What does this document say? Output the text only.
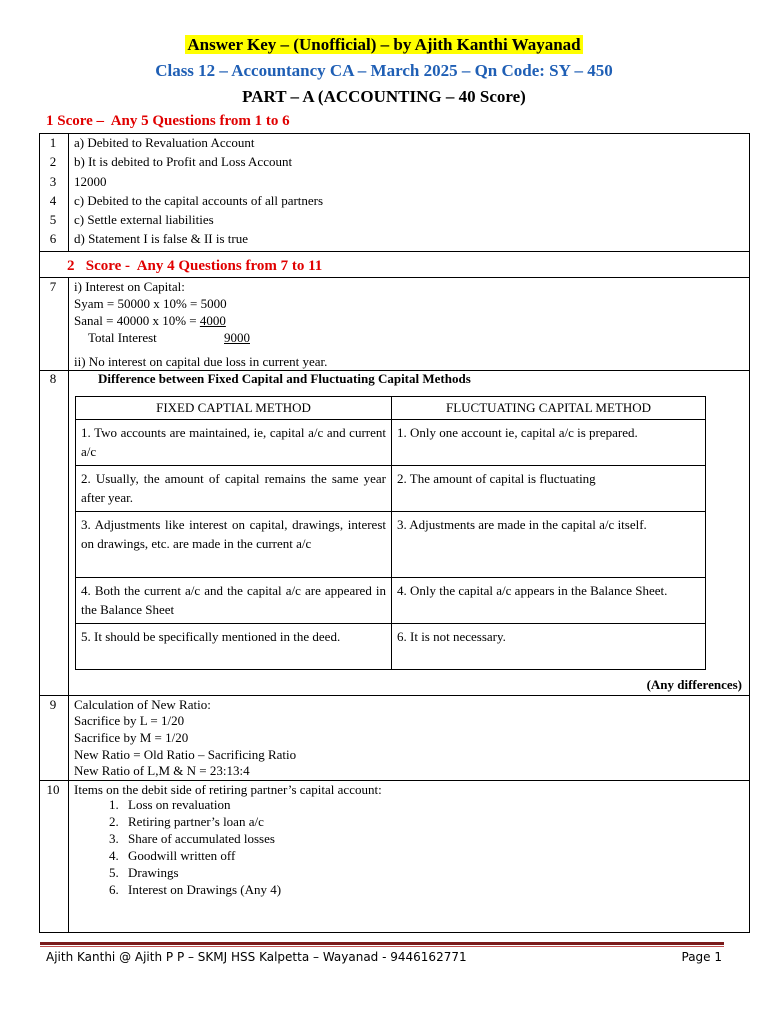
Answer Key – (Unofficial) – by Ajith Kanthi Wayanad
Class 12 – Accountancy CA – March 2025 – Qn Code: SY – 450
PART – A (ACCOUNTING – 40 Score)
1 Score –  Any 5 Questions from 1 to 6
1	a) Debited to Revaluation Account
2	b) It is debited to Profit and Loss Account
3	12000
4	c) Debited to the capital accounts of all partners
5	c) Settle external liabilities
6	d) Statement I is false & II is true
2   Score -  Any 4 Questions from 7 to 11
7	i) Interest on Capital:
Syam = 50000 x 10% = 5000
Sanal = 40000 x 10% = 4000
Total Interest	9000
ii) No interest on capital due loss in current year.
8	Difference between Fixed Capital and Fluctuating Capital Methods
FIXED CAPTIAL METHOD	FLUCTUATING CAPITAL METHOD
1. Two accounts are maintained, ie, capital a/c and current a/c	1. Only one account ie, capital a/c is prepared.
2. Usually, the amount of capital remains the same year after year.	2. The amount of capital is fluctuating
3. Adjustments like interest on capital, drawings, interest on drawings, etc. are made in the current a/c	3. Adjustments are made in the capital a/c itself.
4. Both the current a/c and the capital a/c are appeared in the Balance Sheet	4. Only the capital a/c appears in the Balance Sheet.
5. It should be specifically mentioned in the deed.	6. It is not necessary.
(Any differences)
9	Calculation of New Ratio:
Sacrifice by L = 1/20
Sacrifice by M = 1/20
New Ratio = Old Ratio – Sacrificing Ratio
New Ratio of L,M & N = 23:13:4
10	Items on the debit side of retiring partner’s capital account:
1. Loss on revaluation
2. Retiring partner’s loan a/c
3. Share of accumulated losses
4. Goodwill written off
5. Drawings
6. Interest on Drawings (Any 4)
Ajith Kanthi @ Ajith P P – SKMJ HSS Kalpetta – Wayanad - 9446162771	Page 1
